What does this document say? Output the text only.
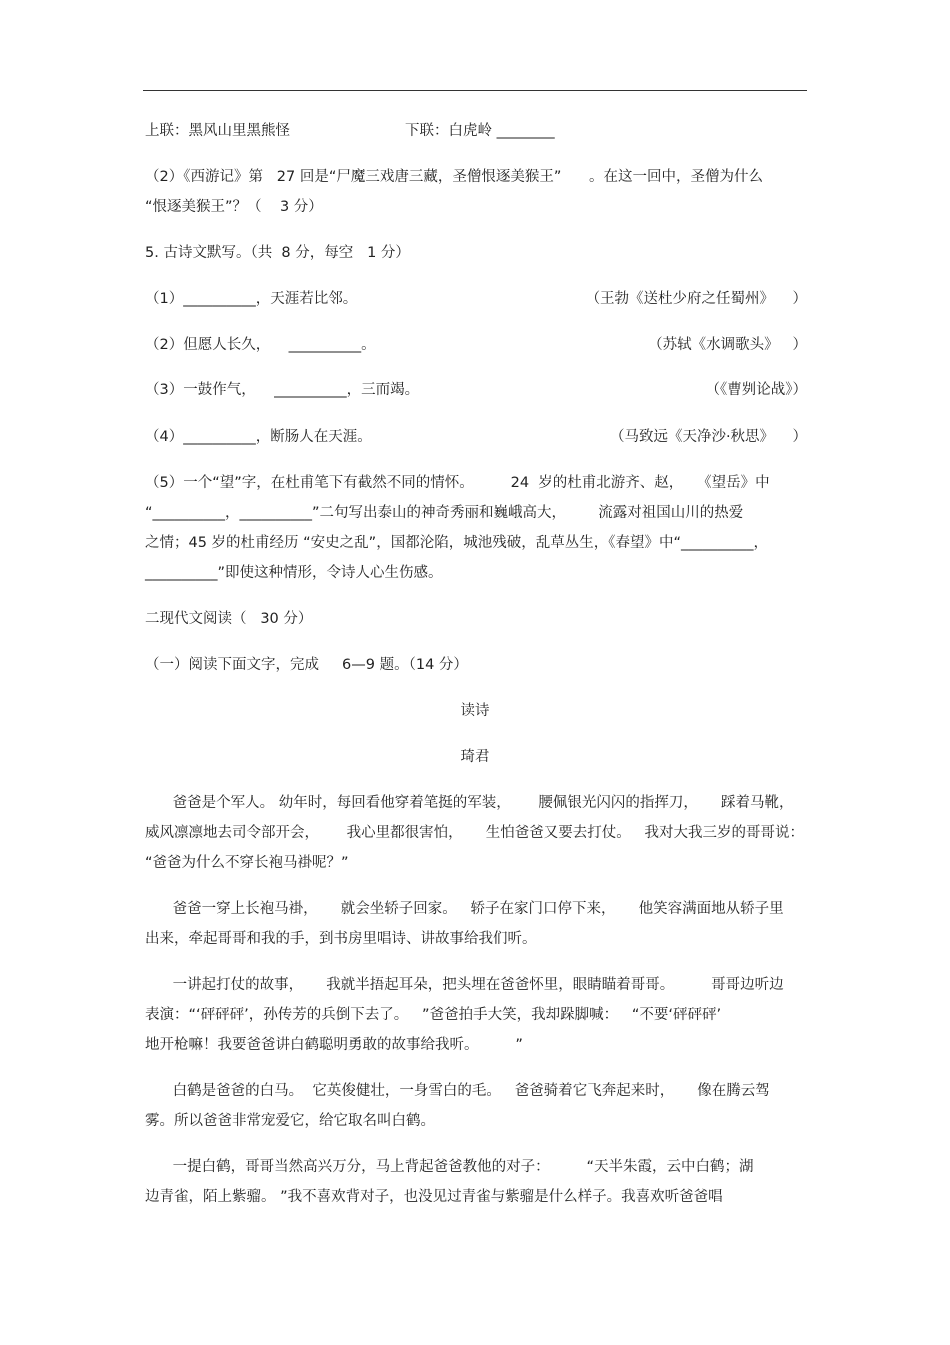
上联：黑风山里黑熊怪	下联：白虎岭 ________
（2）《西游记》第   27 回是“尸魔三戏唐三藏，圣僧恨逐美猴王”      。在这一回中，圣僧为什么
“恨逐美猴王”？（    3 分）
5. 古诗文默写。（共  8 分，每空   1 分）
（1）__________，天涯若比邻。	（王勃《送杜少府之任蜀州》    ）
（2）但愿人长久，    __________。	（苏轼《水调歌头》   ）
（3）一鼓作气，    __________，三而竭。	（《曹刿论战》）
（4）__________，断肠人在天涯。	（马致远《天净沙·秋思》    ）
（5）一个“望”字，在杜甫笔下有截然不同的情怀。        24  岁的杜甫北游齐、赵，   《望岳》中
“__________，__________”二句写出泰山的神奇秀丽和巍峨高大，       流露对祖国山川的热爱
之情；45 岁的杜甫经历 “安史之乱”，国都沦陷，城池残破，乱草丛生，《春望》中“__________，
__________”即使这种情形，令诗人心生伤感。
二现代文阅读（   30 分）
（一）阅读下面文字，完成     6—9 题。（14 分）
读诗
琦君
爸爸是个军人。 幼年时，每回看他穿着笔挺的军装，      腰佩银光闪闪的指挥刀，     踩着马靴，
威风凛凛地去司令部开会，      我心里都很害怕，     生怕爸爸又要去打仗。   我对大我三岁的哥哥说：
“爸爸为什么不穿长袍马褂呢？”
爸爸一穿上长袍马褂，     就会坐轿子回家。   轿子在家门口停下来，     他笑容满面地从轿子里
出来，牵起哥哥和我的手，到书房里唱诗、讲故事给我们听。
一讲起打仗的故事，     我就半捂起耳朵，把头埋在爸爸怀里，眼睛瞄着哥哥。        哥哥边听边
表演：“‘砰砰砰’，孙传芳的兵倒下去了。   ”爸爸拍手大笑，我却跺脚喊：   “不要‘砰砰砰’
地开枪嘛！我要爸爸讲白鹤聪明勇敢的故事给我听。        ”
白鹤是爸爸的白马。  它英俊健壮，一身雪白的毛。   爸爸骑着它飞奔起来时，     像在腾云驾
雾。所以爸爸非常宠爱它，给它取名叫白鹤。
一提白鹤，哥哥当然高兴万分，马上背起爸爸教他的对子：        “天半朱霞，云中白鹤；湖
边青雀，陌上紫骝。 ”我不喜欢背对子，也没见过青雀与紫骝是什么样子。我喜欢听爸爸唱
